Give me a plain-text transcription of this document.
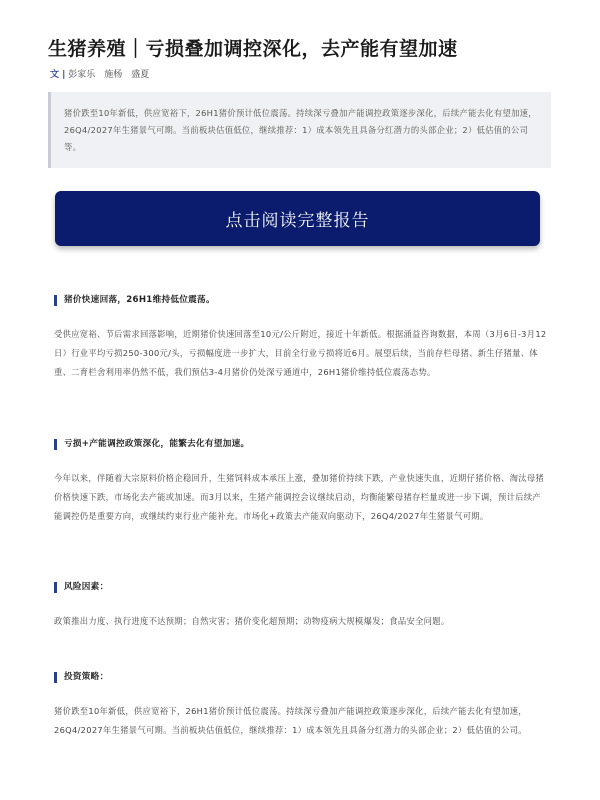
生猪养殖｜亏损叠加调控深化，去产能有望加速
文 | 彭家乐　施杨　盛夏
猪价跌至10年新低，供应宽裕下，26H1猪价预计低位震荡。持续深亏叠加产能调控政策逐步深化，后续产能去化有望加速，26Q4/2027年生猪景气可期。当前板块估值低位，继续推荐：1）成本领先且具备分红潜力的头部企业；2）低估值的公司等。
点击阅读完整报告
猪价快速回落，26H1维持低位震荡。
受供应宽裕、节后需求回落影响，近期猪价快速回落至10元/公斤附近，接近十年新低。根据涌益咨询数据，本周（3月6日-3月12日）行业平均亏损250-300元/头，亏损幅度进一步扩大，目前全行业亏损将近6月。展望后续，当前存栏母猪、新生仔猪量、体重、二育栏舍利用率仍然不低，我们预估3-4月猪价仍处深亏通道中，26H1猪价维持低位震荡态势。
亏损+产能调控政策深化，能繁去化有望加速。
今年以来，伴随着大宗原料价格企稳回升，生猪饲料成本承压上涨，叠加猪价持续下跌，产业快速失血，近期仔猪价格、淘汰母猪价格快速下跌，市场化去产能或加速。而3月以来，生猪产能调控会议继续启动，均衡能繁母猪存栏量或进一步下调，预计后续产能调控仍是重要方向，或继续约束行业产能补充。市场化+政策去产能双向驱动下，26Q4/2027年生猪景气可期。
风险因素：
政策推出力度、执行进度不达预期；自然灾害；猪价变化超预期；动物疫病大规模爆发；食品安全问题。
投资策略：
猪价跌至10年新低，供应宽裕下，26H1猪价预计低位震荡。持续深亏叠加产能调控政策逐步深化，后续产能去化有望加速，26Q4/2027年生猪景气可期。当前板块估值低位，继续推荐：1）成本领先且具备分红潜力的头部企业；2）低估值的公司。
